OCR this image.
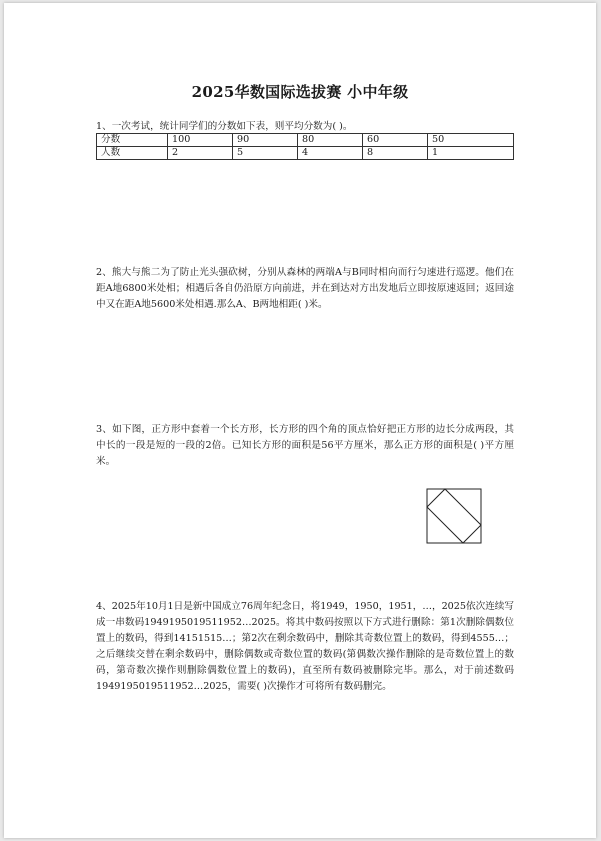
2025华数国际选拔赛 小中年级
1、一次考试，统计同学们的分数如下表，则平均分数为( )。
分数	100	90	80	60	50
人数	2	5	4	8	1
2、熊大与熊二为了防止光头强砍树，分别从森林的两端A与B同时相向而行匀速进行巡逻。他们在距A地6800米处相；相遇后各自仍沿原方向前进，并在到达对方出发地后立即按原速返回；返回途中又在距A地5600米处相遇.那么A、B两地相距( )米。
3、如下图，正方形中套着一个长方形，长方形的四个角的顶点恰好把正方形的边长分成两段，其中长的一段是短的一段的2倍。已知长方形的面积是56平方厘米，那么正方形的面积是( )平方厘米。
4、2025年10月1日是新中国成立76周年纪念日，将1949，1950，1951，…，2025依次连续写成一串数码1949195019511952…2025。将其中数码按照以下方式进行删除：第1次删除偶数位置上的数码，得到14151515…；第2次在剩余数码中，删除其奇数位置上的数码，得到4555…；之后继续交替在剩余数码中，删除偶数或奇数位置的数码(第偶数次操作删除的是奇数位置上的数码，第奇数次操作则删除偶数位置上的数码)，直至所有数码被删除完毕。那么，对于前述数码1949195019511952…2025，需要( )次操作才可将所有数码删完。
